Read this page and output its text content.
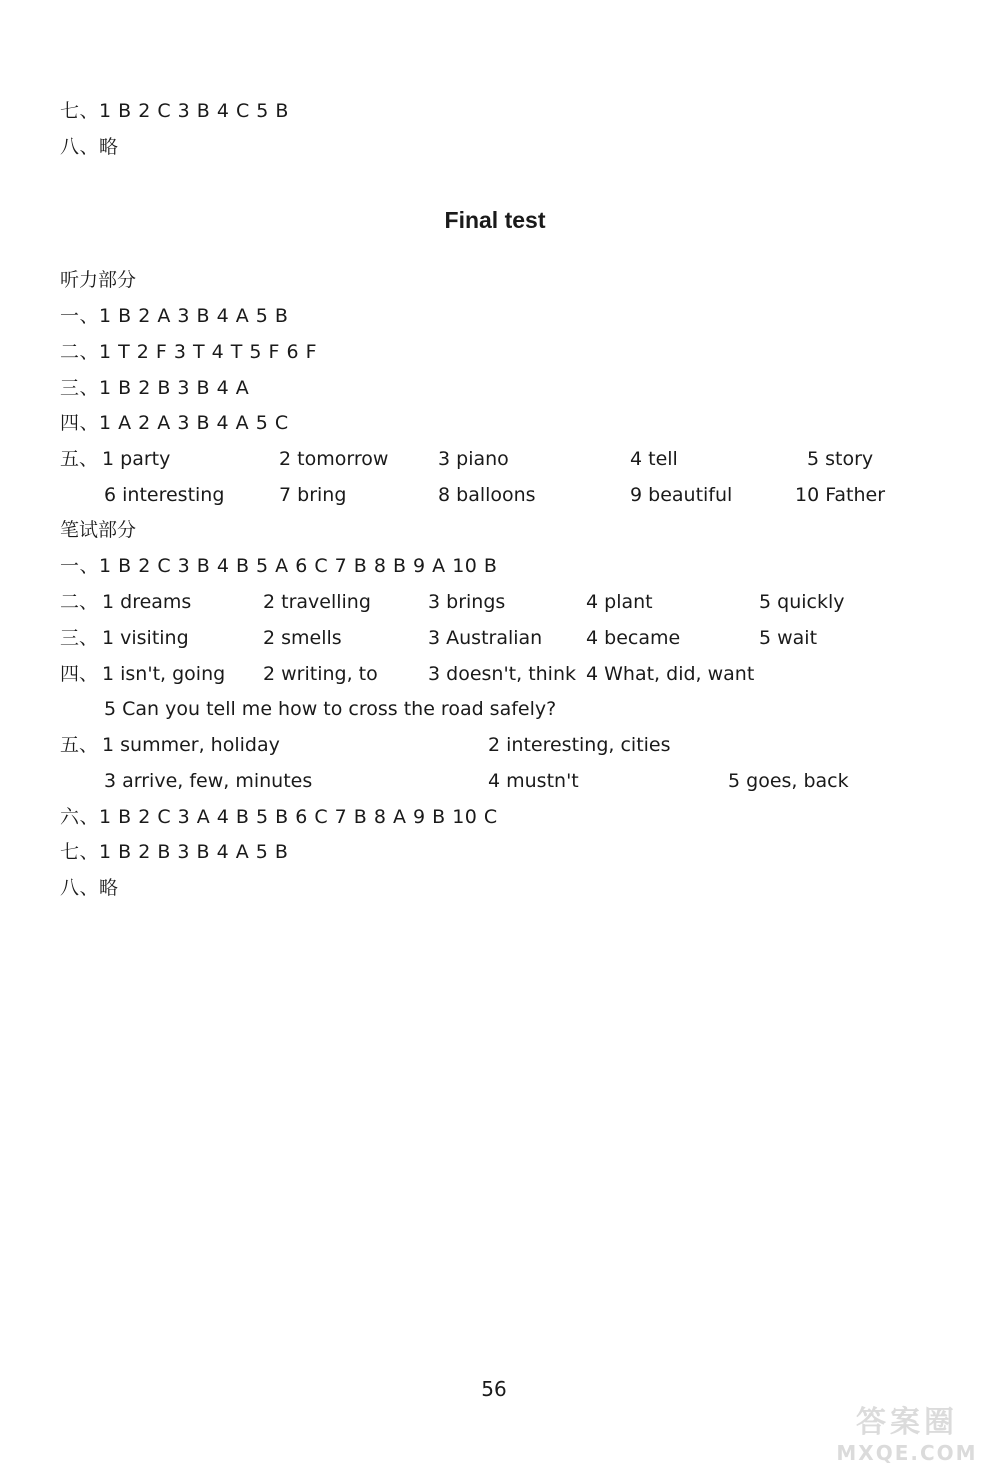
七、1 B 2 C 3 B 4 C 5 B
八、略
Final test
听力部分
一、1 B 2 A 3 B 4 A 5 B
二、1 T 2 F 3 T 4 T 5 F 6 F
三、1 B 2 B 3 B 4 A
四、1 A 2 A 3 B 4 A 5 C
五、 1 party	2 tomorrow	3 piano	4 tell	5 story
6 interesting	7 bring	8 balloons	9 beautiful	10 Father
笔试部分
一、1 B 2 C 3 B 4 B 5 A 6 C 7 B 8 B 9 A 10 B
二、 1 dreams	2 travelling	3 brings	4 plant	5 quickly
三、 1 visiting	2 smells	3 Australian 4 became	5 wait
四、 1 isn't, going 2 writing, to	3 doesn't, think 4 What, did, want
5 Can you tell me how to cross the road safely?
五、 1 summer, holiday	2 interesting, cities
3 arrive, few, minutes	4 mustn't	5 goes, back
六、1 B 2 C 3 A 4 B 5 B 6 C 7 B 8 A 9 B 10 C
七、1 B 2 B 3 B 4 A 5 B
八、略
56
答案圈
MXQE.COM
